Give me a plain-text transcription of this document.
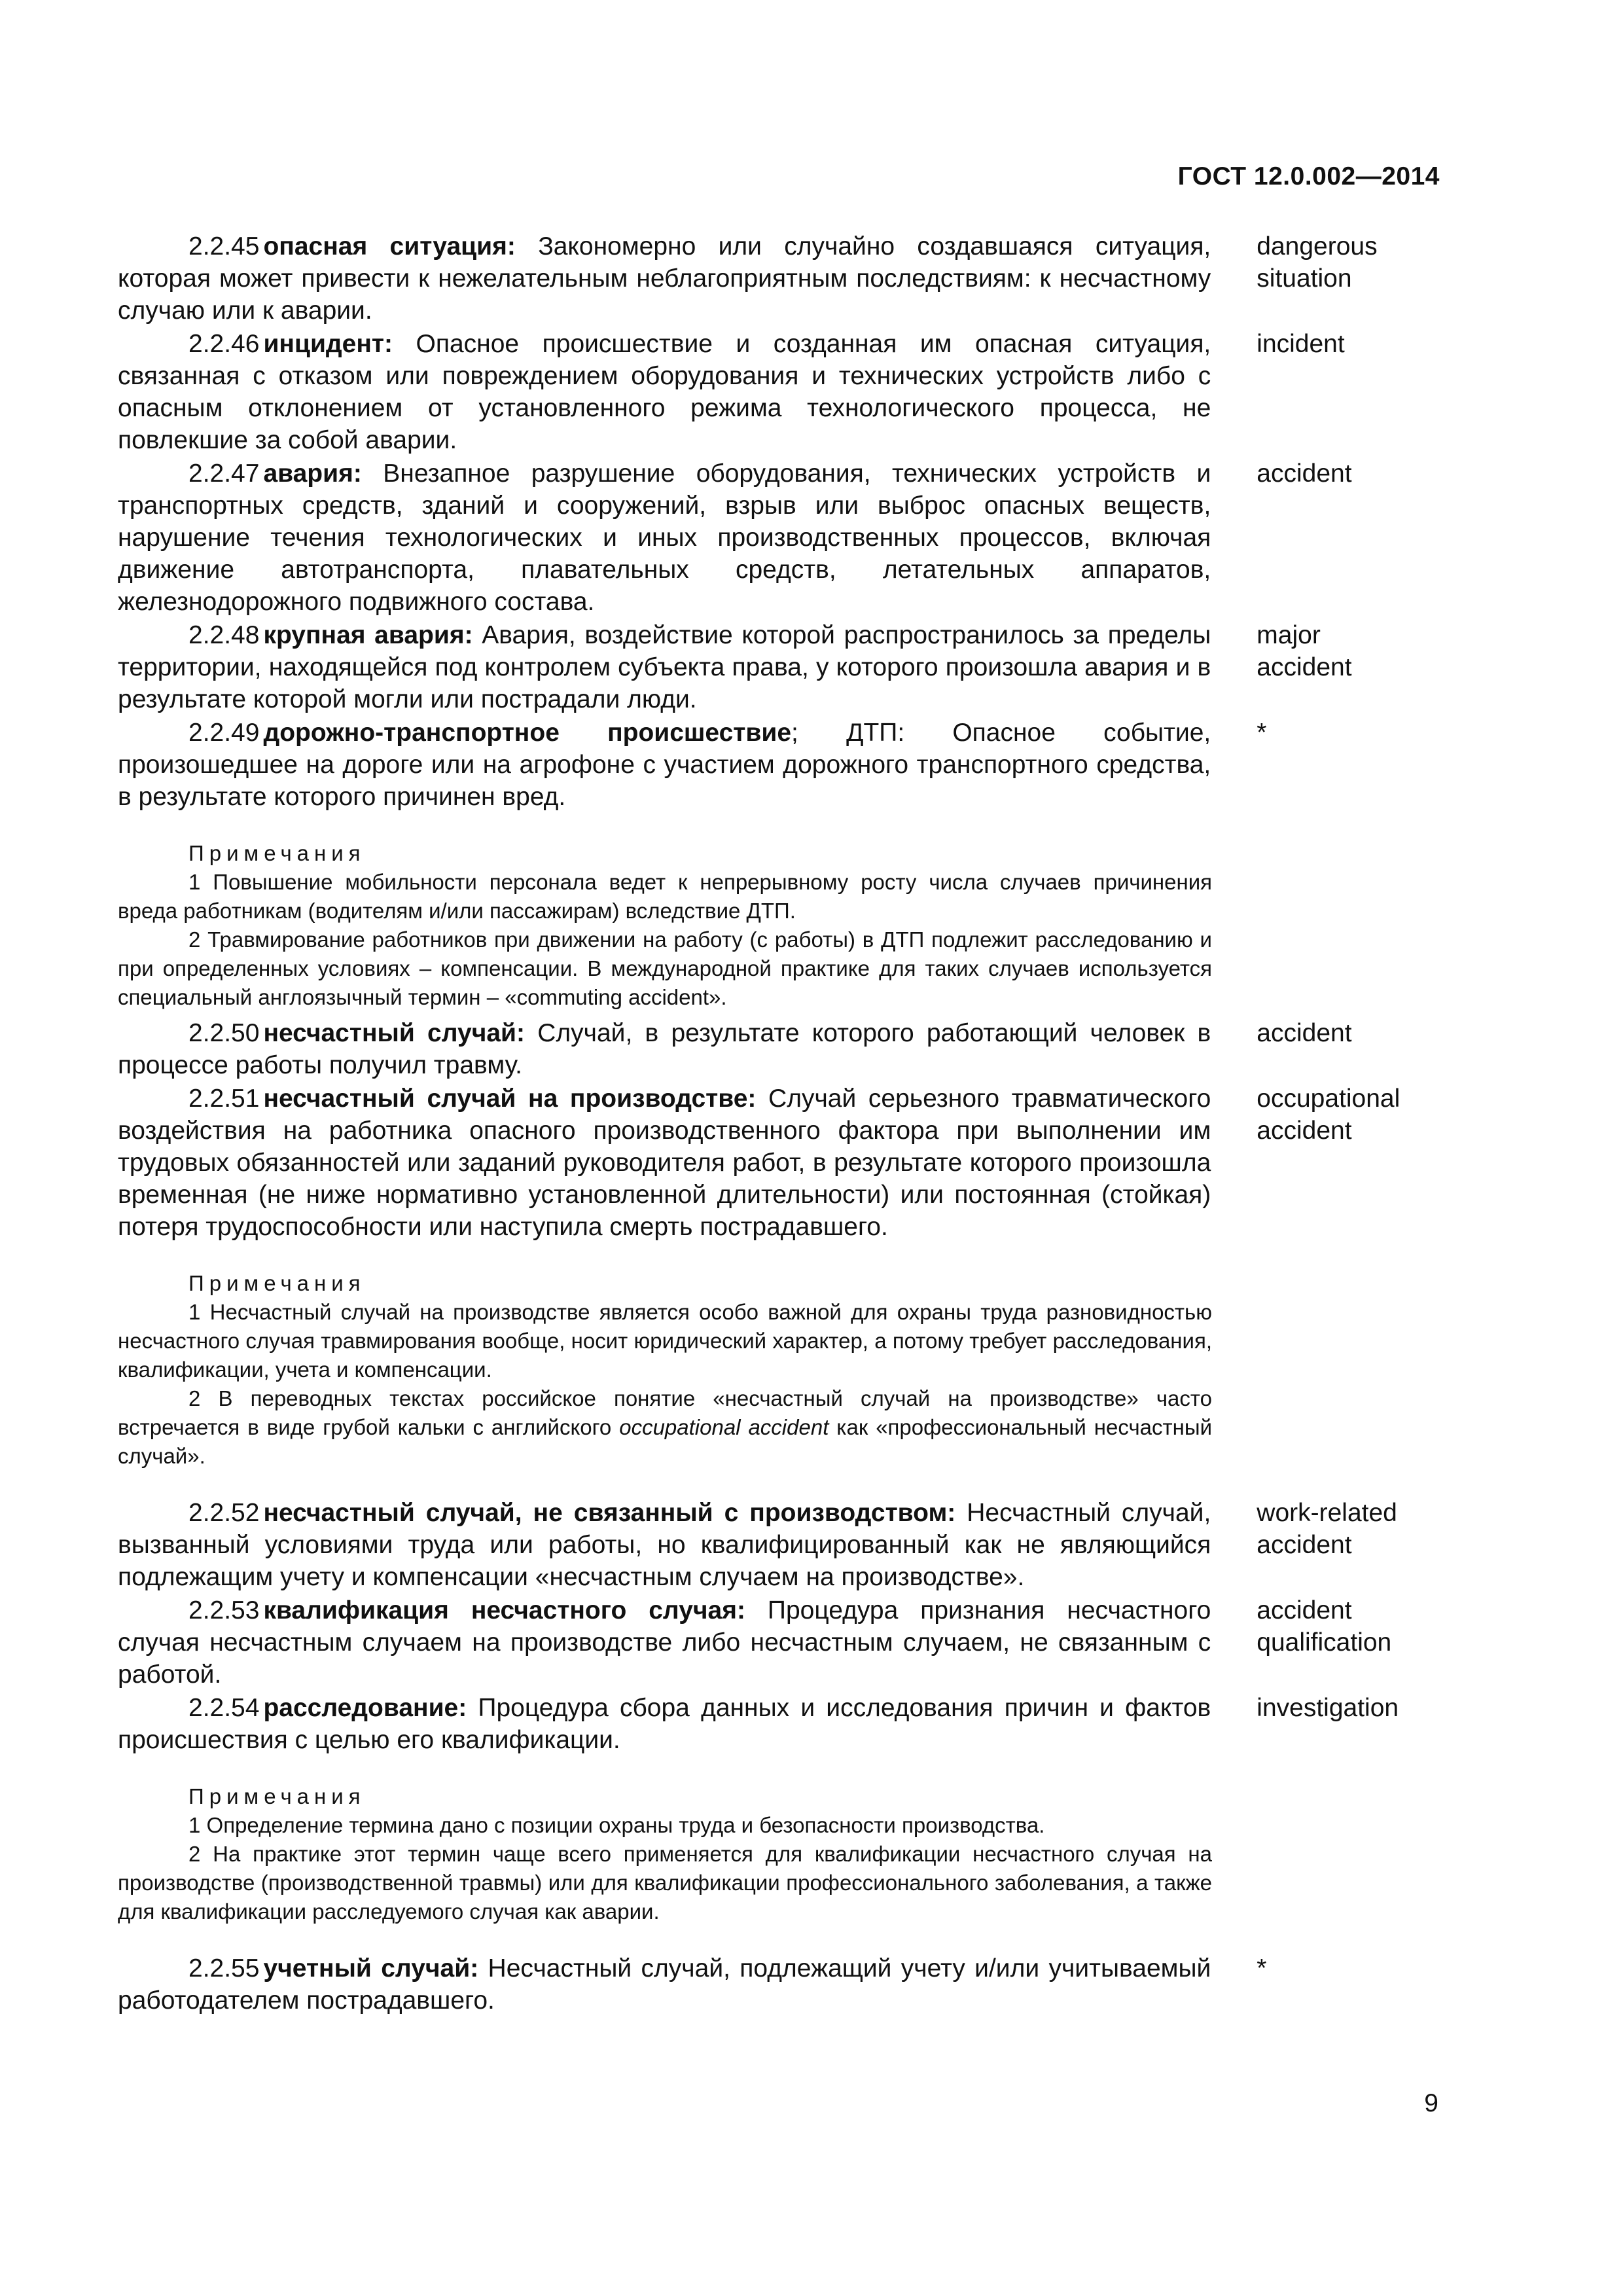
ГОСТ 12.0.002—2014
2.2.45 опасная ситуация: Закономерно или случайно создавшаяся ситуация, которая может привести к нежелательным неблагоприятным последствиям: к несчастному случаю или к аварии.
dangerous
situation
2.2.46 инцидент: Опасное происшествие и созданная им опасная ситуация, связанная с отказом или повреждением оборудования и технических устройств либо с опасным отклонением от установленного режима технологического процесса, не повлекшие за собой аварии.
incident
2.2.47 авария: Внезапное разрушение оборудования, технических устройств и транспортных средств, зданий и сооружений, взрыв или выброс опасных веществ, нарушение течения технологических и иных производственных процессов, включая движение автотранспорта, плавательных средств, летательных аппаратов, железнодорожного подвижного состава.
accident
2.2.48 крупная авария: Авария, воздействие которой распространилось за пределы территории, находящейся под контролем субъекта права, у которого произошла авария и в результате которой могли или пострадали люди.
major
accident
2.2.49 дорожно-транспортное происшествие; ДТП: Опасное событие, произошедшее на дороге или на агрофоне с участием дорожного транспортного средства, в результате которого причинен вред.
*
Примечания
1 Повышение мобильности персонала ведет к непрерывному росту числа случаев причинения вреда работникам (водителям и/или пассажирам) вследствие ДТП.
2 Травмирование работников при движении на работу (с работы) в ДТП подлежит расследованию и при определенных условиях – компенсации. В международной практике для таких случаев используется специальный англоязычный термин – «commuting accident».
2.2.50 несчастный случай: Случай, в результате которого работающий человек в процессе работы получил травму.
accident
2.2.51 несчастный случай на производстве: Случай серьезного травматического воздействия на работника опасного производственного фактора при выполнении им трудовых обязанностей или заданий руководителя работ, в результате которого произошла временная (не ниже нормативно установленной длительности) или постоянная (стойкая) потеря трудоспособности или наступила смерть пострадавшего.
occupational
accident
Примечания
1 Несчастный случай на производстве является особо важной для охраны труда разновидностью несчастного случая травмирования вообще, носит юридический характер, а потому требует расследования, квалификации, учета и компенсации.
2 В переводных текстах российское понятие «несчастный случай на производстве» часто встречается в виде грубой кальки с английского occupational accident как «профессиональный несчастный случай».
2.2.52 несчастный случай, не связанный с производством: Несчастный случай, вызванный условиями труда или работы, но квалифицированный как не являющийся подлежащим учету и компенсации «несчастным случаем на производстве».
work-related
accident
2.2.53 квалификация несчастного случая: Процедура признания несчастного случая несчастным случаем на производстве либо несчастным случаем, не связанным с работой.
accident
qualification
2.2.54 расследование: Процедура сбора данных и исследования причин и фактов происшествия с целью его квалификации.
investigation
Примечания
1 Определение термина дано с позиции охраны труда и безопасности производства.
2 На практике этот термин чаще всего применяется для квалификации несчастного случая на производстве (производственной травмы) или для квалификации профессионального заболевания, а также для квалификации расследуемого случая как аварии.
2.2.55 учетный случай: Несчастный случай, подлежащий учету и/или учитываемый работодателем пострадавшего.
*
9
